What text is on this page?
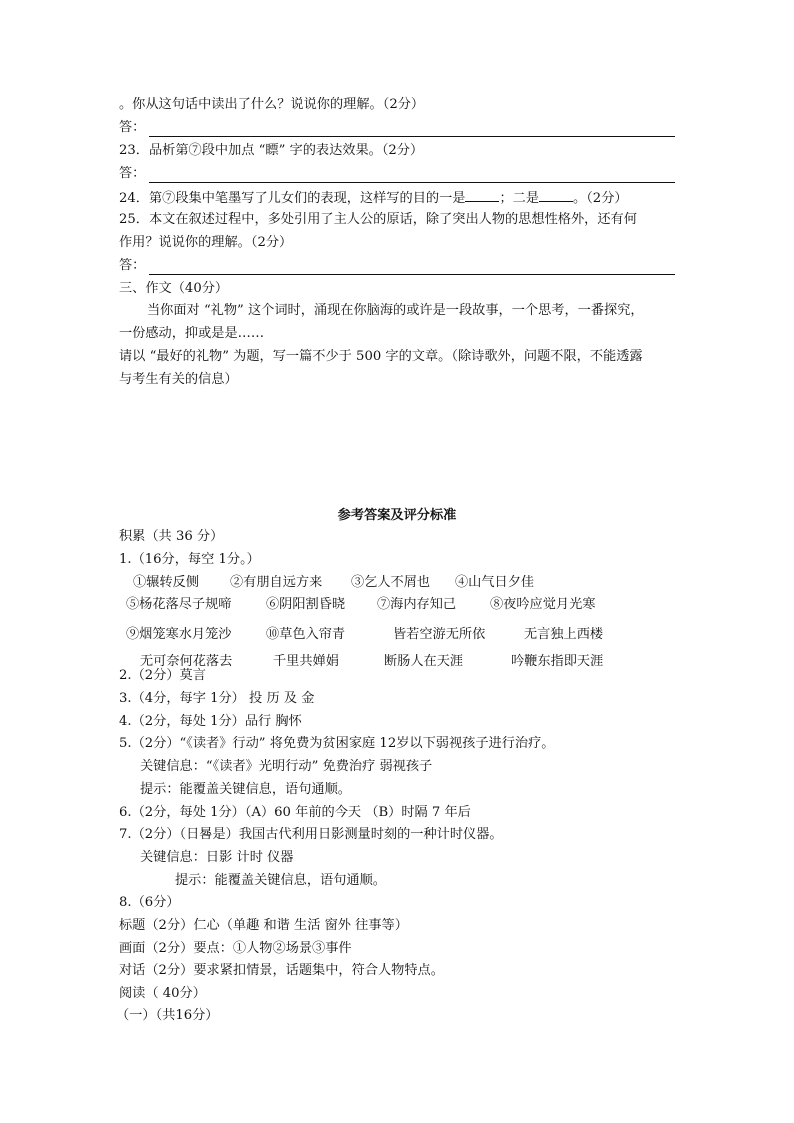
。你从这句话中读出了什么？说说你的理解。（2分）
答：
23．品析第⑦段中加点 “瞟” 字的表达效果。（2分）
答：
24．第⑦段集中笔墨写了儿女们的表现，这样写的目的一是	；二是	。（2分）
25．本文在叙述过程中，多处引用了主人公的原话，除了突出人物的思想性格外，还有何
作用？说说你的理解。（2分）
答：
三、作文（40分）
当你面对 “礼物” 这个词时，涌现在你脑海的或许是一段故事，一个思考，一番探究，
一份感动，抑或是是……
请以 “最好的礼物” 为题，写一篇不少于 500 字的文章。（除诗歌外，问题不限，不能透露
与考生有关的信息）
参考答案及评分标准
积累（共 36 分）
1.（16分，每空 1分。）
①辗转反侧 ②有朋自远方来 ③乞人不屑也 ④山气日夕佳
⑤杨花落尽子规啼	⑥阴阳割昏晓 ⑦海内存知己	⑧夜吟应觉月光寒
⑨烟笼寒水月笼沙	⑩草色入帘青	皆若空游无所依	无言独上西楼
无可奈何花落去	千里共婵娟	断肠人在天涯	吟鞭东指即天涯
2.（2分）莫言
3.（4分，每字 1分） 投 历 及 金
4.（2分，每处 1分）品行 胸怀
5.（2分）“《读者》行动” 将免费为贫困家庭 12岁以下弱视孩子进行治疗。
关键信息：“《读者》光明行动” 免费治疗 弱视孩子
提示：能覆盖关键信息，语句通顺。
6.（2分，每处 1分）（A）60 年前的今天 （B）时隔 7 年后
7.（2分）（日晷是）我国古代利用日影测量时刻的一种计时仪器。
关键信息：日影 计时 仪器
提示：能覆盖关键信息，语句通顺。
8.（6分）
标题（2分）仁心（单趣 和谐 生活 窗外 往事等）
画面（2分）要点：①人物②场景③事件
对话（2分）要求紧扣情景，话题集中，符合人物特点。
阅读（ 40分）
（一）（共16分）
